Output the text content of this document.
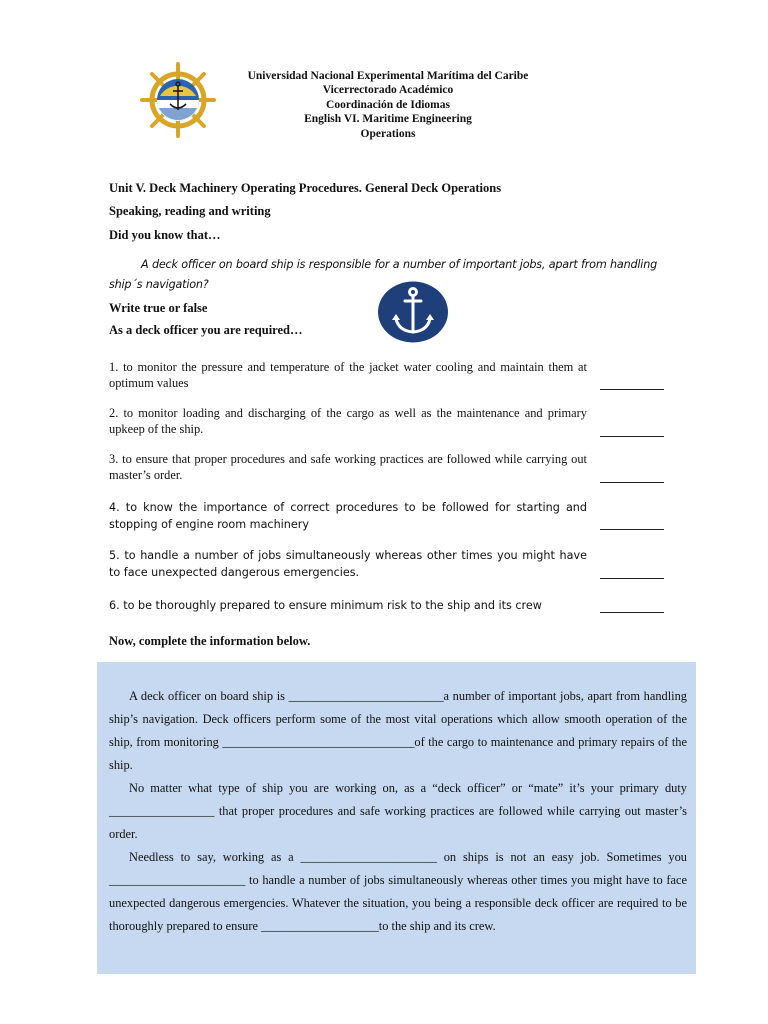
Universidad Nacional Experimental Marítima del Caribe
Vicerrectorado Académico
Coordinación de Idiomas
English VI. Maritime Engineering
Operations
Unit V. Deck Machinery Operating Procedures. General Deck Operations
Speaking, reading and writing
Did you know that…
A deck officer on board ship is responsible for a number of important jobs, apart from handling ship´s navigation?
Write true or false
As a deck officer you are required…
1. to monitor the pressure and temperature of the jacket water cooling and maintain them at optimum values
2. to monitor loading and discharging of the cargo as well as the maintenance and primary upkeep of the ship.
3. to ensure that proper procedures and safe working practices are followed while carrying out master’s order.
4. to know the importance of correct procedures to be followed for starting and stopping of engine room machinery
5. to handle a number of jobs simultaneously whereas other times you might have to face unexpected dangerous emergencies.
6. to be thoroughly prepared to ensure minimum risk to the ship and its crew
Now, complete the information below.

A deck officer on board ship is _________________________a number of important jobs, apart from handling ship’s navigation. Deck officers perform some of the most vital operations which allow smooth operation of the ship, from monitoring _______________________________of the cargo to maintenance and primary repairs of the ship.

No matter what type of ship you are working on, as a “deck officer” or “mate” it’s your primary duty _________________ that proper procedures and safe working practices are followed while carrying out master’s order.

Needless to say, working as a ______________________ on ships is not an easy job. Sometimes you ______________________ to handle a number of jobs simultaneously whereas other times you might have to face unexpected dangerous emergencies. Whatever the situation, you being a responsible deck officer are required to be thoroughly prepared to ensure ___________________to the ship and its crew.
